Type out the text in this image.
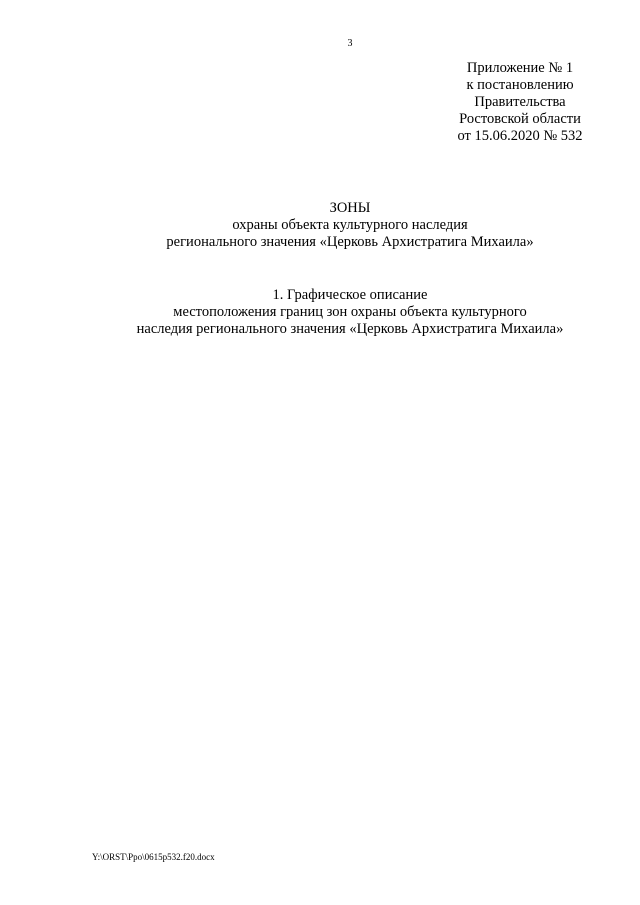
3
Приложение № 1
к постановлению
Правительства
Ростовской области
от 15.06.2020 № 532
ЗОНЫ
охраны объекта культурного наследия
регионального значения «Церковь Архистратига Михаила»
1. Графическое описание
местоположения границ зон охраны объекта культурного
наследия регионального значения «Церковь Архистратига Михаила»
Y:\ORST\Ppo\0615p532.f20.docx
